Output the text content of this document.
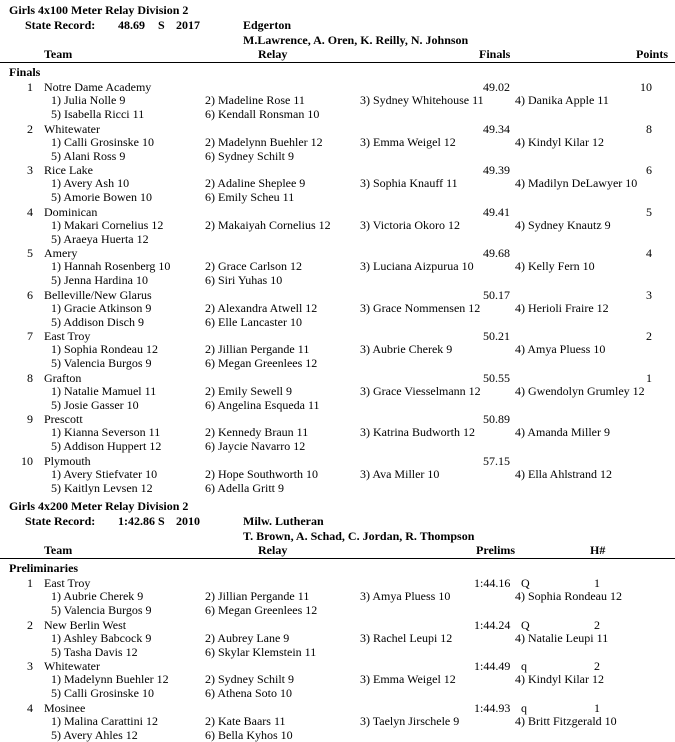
Girls 4x100 Meter Relay Division 2
State Record: 48.69 S 2017	Edgerton
M.Lawrence, A. Oren, K. Reilly, N. Johnson
Team	Relay	Finals	Points
Finals
1 Notre Dame Academy	49.02	10
1) Julia Nolle 9	2) Madeline Rose 11	3) Sydney Whitehouse 11	4) Danika Apple 11
5) Isabella Ricci 11	6) Kendall Ronsman 10
2 Whitewater	49.34	8
1) Calli Grosinske 10	2) Madelynn Buehler 12	3) Emma Weigel 12	4) Kindyl Kilar 12
5) Alani Ross 9	6) Sydney Schilt 9
3 Rice Lake	49.39	6
1) Avery Ash 10	2) Adaline Sheplee 9	3) Sophia Knauff 11	4) Madilyn DeLawyer 10
5) Amorie Bowen 10	6) Emily Scheu 11
4 Dominican	49.41	5
1) Makari Cornelius 12	2) Makaiyah Cornelius 12 3) Victoria Okoro 12	4) Sydney Knautz 9
5) Araeya Huerta 12
5 Amery	49.68	4
1) Hannah Rosenberg 10	2) Grace Carlson 12	3) Luciana Aizpurua 10	4) Kelly Fern 10
5) Jenna Hardina 10	6) Siri Yuhas 10
6 Belleville/New Glarus	50.17	3
1) Gracie Atkinson 9	2) Alexandra Atwell 12	3) Grace Nommensen 12	4) Herioli Fraire 12
5) Addison Disch 9	6) Elle Lancaster 10
7 East Troy	50.21	2
1) Sophia Rondeau 12	2) Jillian Pergande 11	3) Aubrie Cherek 9	4) Amya Pluess 10
5) Valencia Burgos 9	6) Megan Greenlees 12
8 Grafton	50.55	1
1) Natalie Mamuel 11	2) Emily Sewell 9	3) Grace Viesselmann 12	4) Gwendolyn Grumley 12
5) Josie Gasser 10	6) Angelina Esqueda 11
9 Prescott	50.89
1) Kianna Severson 11	2) Kennedy Braun 11	3) Katrina Budworth 12	4) Amanda Miller 9
5) Addison Huppert 12	6) Jaycie Navarro 12
10 Plymouth	57.15
1) Avery Stiefvater 10	2) Hope Southworth 10	3) Ava Miller 10	4) Ella Ahlstrand 12
5) Kaitlyn Levsen 12	6) Adella Gritt 9
Girls 4x200 Meter Relay Division 2
State Record: 1:42.86 S 2010	Milw. Lutheran
T. Brown, A. Schad, C. Jordan, R. Thompson
Team	Relay	Prelims	H#
Preliminaries
1 East Troy	1:44.16 Q	1
1) Aubrie Cherek 9	2) Jillian Pergande 11	3) Amya Pluess 10	4) Sophia Rondeau 12
5) Valencia Burgos 9	6) Megan Greenlees 12
2 New Berlin West	1:44.24 Q	2
1) Ashley Babcock 9	2) Aubrey Lane 9	3) Rachel Leupi 12	4) Natalie Leupi 11
5) Tasha Davis 12	6) Skylar Klemstein 11
3 Whitewater	1:44.49 q	2
1) Madelynn Buehler 12	2) Sydney Schilt 9	3) Emma Weigel 12	4) Kindyl Kilar 12
5) Calli Grosinske 10	6) Athena Soto 10
4 Mosinee	1:44.93 q	1
1) Malina Carattini 12	2) Kate Baars 11	3) Taelyn Jirschele 9	4) Britt Fitzgerald 10
5) Avery Ahles 12	6) Bella Kyhos 10
